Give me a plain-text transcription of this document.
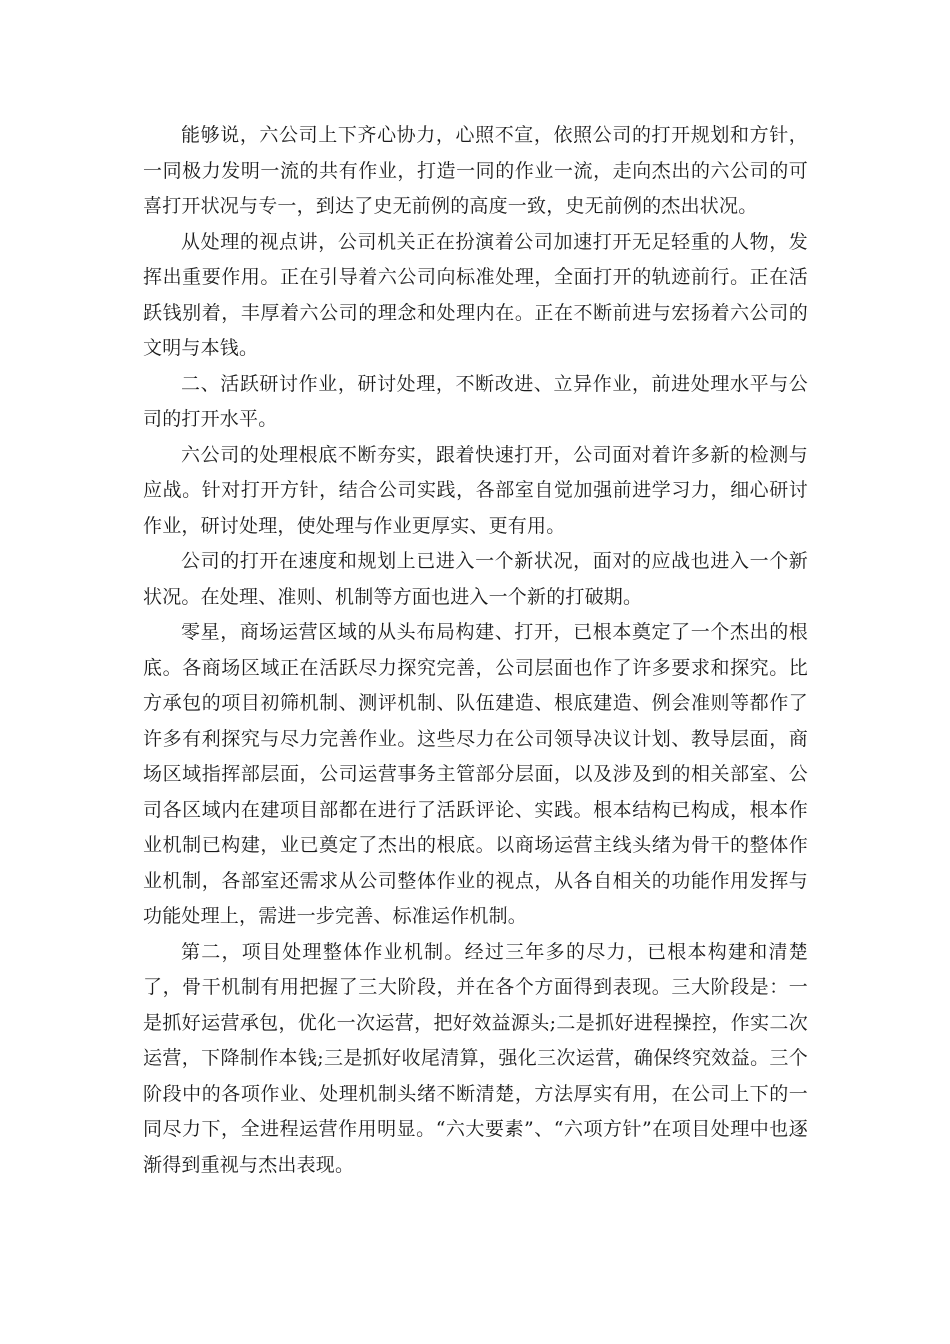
能够说，六公司上下齐心协力，心照不宣，依照公司的打开规划和方针，一同极力发明一流的共有作业，打造一同的作业一流，走向杰出的六公司的可喜打开状况与专一，到达了史无前例的高度一致，史无前例的杰出状况。

从处理的视点讲，公司机关正在扮演着公司加速打开无足轻重的人物，发挥出重要作用。正在引导着六公司向标准处理，全面打开的轨迹前行。正在活跃钱别着，丰厚着六公司的理念和处理内在。正在不断前进与宏扬着六公司的文明与本钱。

二、活跃研讨作业，研讨处理，不断改进、立异作业，前进处理水平与公司的打开水平。

六公司的处理根底不断夯实，跟着快速打开，公司面对着许多新的检测与应战。针对打开方针，结合公司实践，各部室自觉加强前进学习力，细心研讨作业，研讨处理，使处理与作业更厚实、更有用。

公司的打开在速度和规划上已进入一个新状况，面对的应战也进入一个新状况。在处理、准则、机制等方面也进入一个新的打破期。

零星，商场运营区域的从头布局构建、打开，已根本奠定了一个杰出的根底。各商场区域正在活跃尽力探究完善，公司层面也作了许多要求和探究。比方承包的项目初筛机制、测评机制、队伍建造、根底建造、例会准则等都作了许多有利探究与尽力完善作业。这些尽力在公司领导决议计划、教导层面，商场区域指挥部层面，公司运营事务主管部分层面，以及涉及到的相关部室、公司各区域内在建项目部都在进行了活跃评论、实践。根本结构已构成，根本作业机制已构建，业已奠定了杰出的根底。以商场运营主线头绪为骨干的整体作业机制，各部室还需求从公司整体作业的视点，从各自相关的功能作用发挥与功能处理上，需进一步完善、标准运作机制。

第二，项目处理整体作业机制。经过三年多的尽力，已根本构建和清楚了，骨干机制有用把握了三大阶段，并在各个方面得到表现。三大阶段是：一是抓好运营承包，优化一次运营，把好效益源头;二是抓好进程操控，作实二次运营，下降制作本钱;三是抓好收尾清算，强化三次运营，确保终究效益。三个阶段中的各项作业、处理机制头绪不断清楚，方法厚实有用，在公司上下的一同尽力下，全进程运营作用明显。“六大要素”、“六项方针”在项目处理中也逐渐得到重视与杰出表现。
